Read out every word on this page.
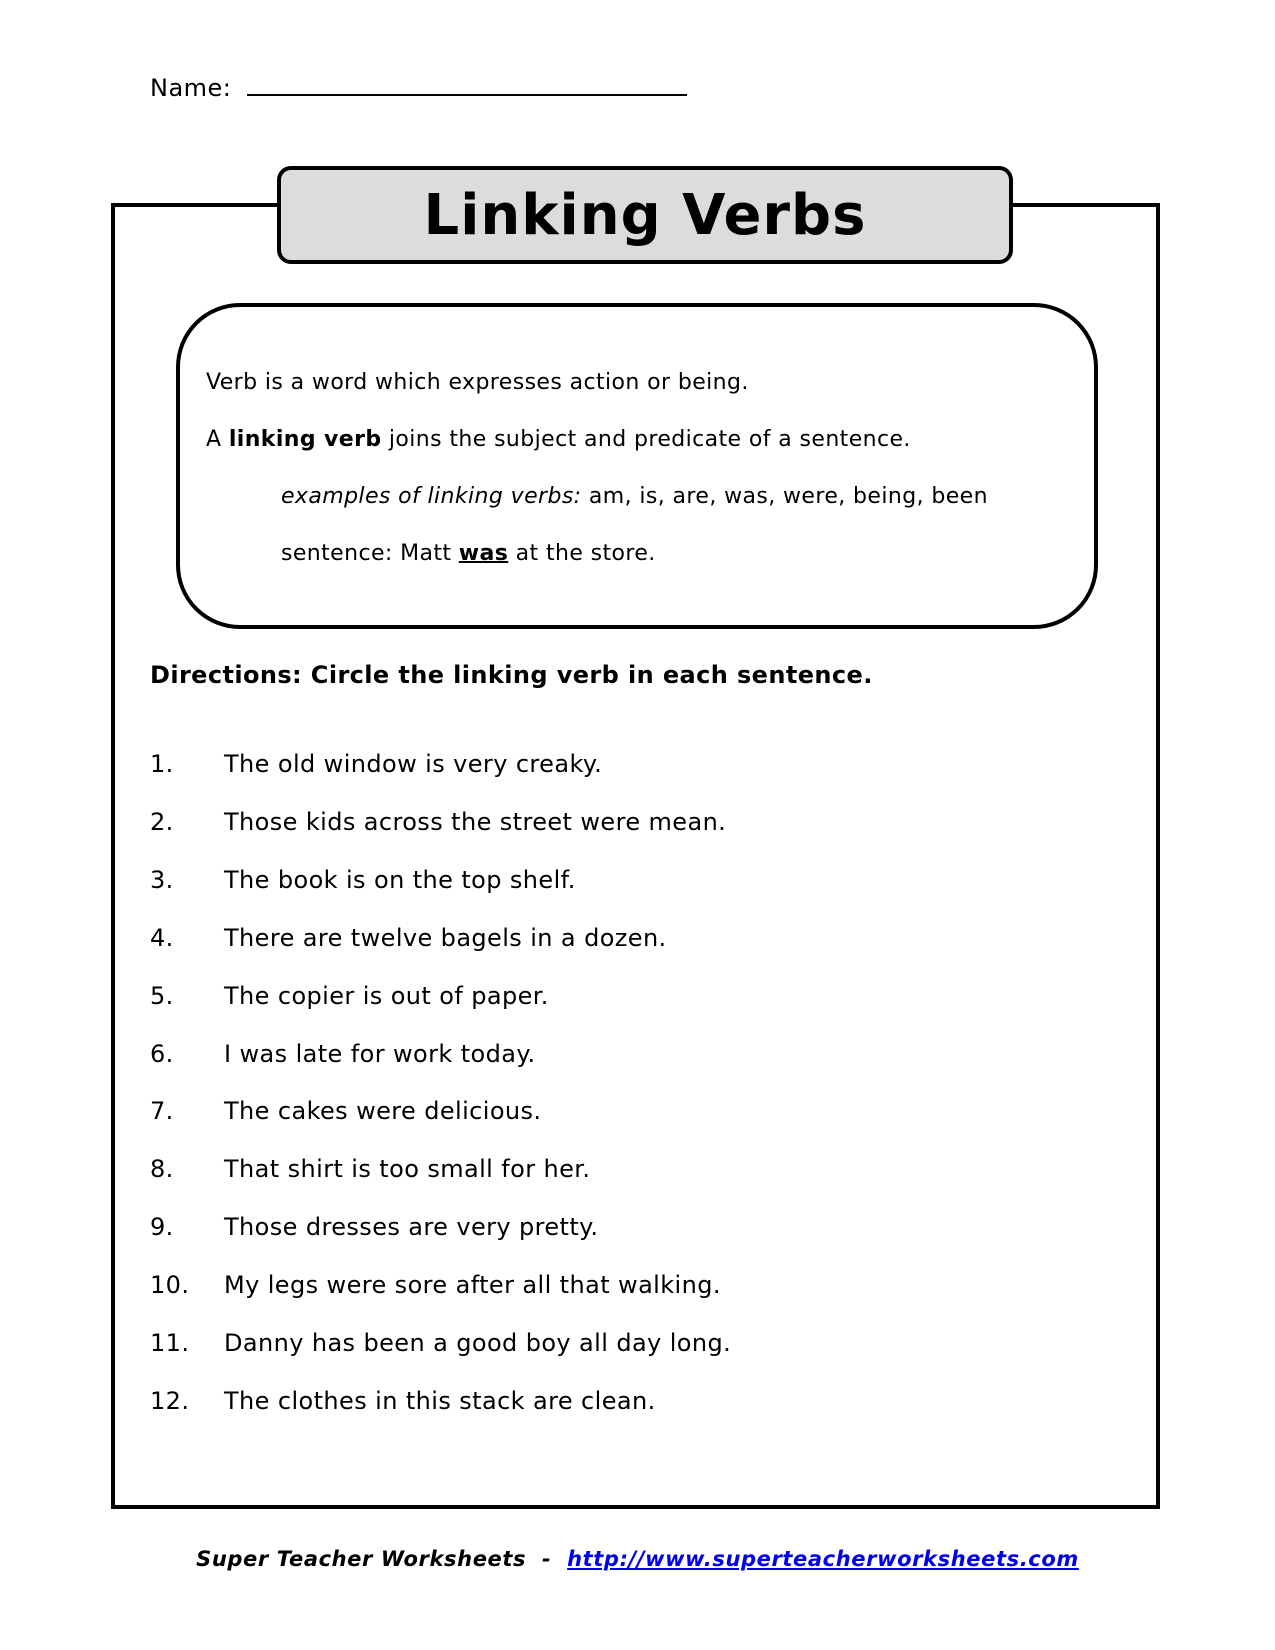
Name:
Linking Verbs
Verb is a word which expresses action or being.
A linking verb joins the subject and predicate of a sentence.
examples of linking verbs: am, is, are, was, were, being, been
sentence: Matt was at the store.
Directions: Circle the linking verb in each sentence.
1. The old window is very creaky.
2. Those kids across the street were mean.
3. The book is on the top shelf.
4. There are twelve bagels in a dozen.
5. The copier is out of paper.
6. I was late for work today.
7. The cakes were delicious.
8. That shirt is too small for her.
9. Those dresses are very pretty.
10. My legs were sore after all that walking.
11. Danny has been a good boy all day long.
12. The clothes in this stack are clean.
Super Teacher Worksheets  -  http://www.superteacherworksheets.com
